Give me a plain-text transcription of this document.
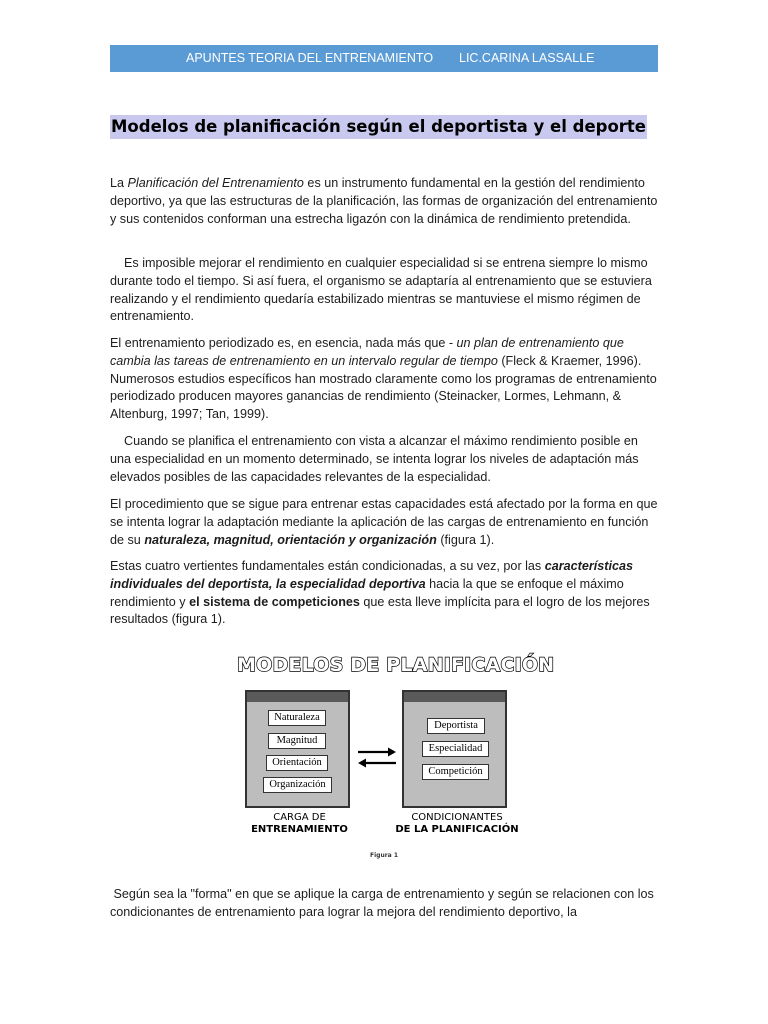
APUNTES TEORIA DEL ENTRENAMIENTO LIC.CARINA LASSALLE
Modelos de planificación según el deportista y el deporte

La Planificación del Entrenamiento es un instrumento fundamental en la gestión del rendimiento deportivo, ya que las estructuras de la planificación, las formas de organización del entrenamiento y sus contenidos conforman una estrecha ligazón con la dinámica de rendimiento pretendida.

Es imposible mejorar el rendimiento en cualquier especialidad si se entrena siempre lo mismo durante todo el tiempo. Si así fuera, el organismo se adaptaría al entrenamiento que se estuviera realizando y el rendimiento quedaría estabilizado mientras se mantuviese el mismo régimen de entrenamiento.

El entrenamiento periodizado es, en esencia, nada más que - un plan de entrenamiento que cambia las tareas de entrenamiento en un intervalo regular de tiempo (Fleck & Kraemer, 1996). Numerosos estudios específicos han mostrado claramente como los programas de entrenamiento periodizado producen mayores ganancias de rendimiento (Steinacker, Lormes, Lehmann, & Altenburg, 1997; Tan, 1999).

Cuando se planifica el entrenamiento con vista a alcanzar el máximo rendimiento posible en una especialidad en un momento determinado, se intenta lograr los niveles de adaptación más elevados posibles de las capacidades relevantes de la especialidad.

El procedimiento que se sigue para entrenar estas capacidades está afectado por la forma en que se intenta lograr la adaptación mediante la aplicación de las cargas de entrenamiento en función de su naturaleza, magnitud, orientación y organización (figura 1).

Estas cuatro vertientes fundamentales están condicionadas, a su vez, por las características individuales del deportista, la especialidad deportiva hacia la que se enfoque el máximo rendimiento y el sistema de competiciones que esta lleve implícita para el logro de los mejores resultados (figura 1).

MODELOS DE PLANIFICACIÓN

Naturaleza
Magnitud
Orientación
Organización
Deportista
Especialidad
Competición

CARGA DE

ENTRENAMIENTO

CONDICIONANTES

DE LA PLANIFICACIÓN

Figura 1

Según sea la "forma" en que se aplique la carga de entrenamiento y según se relacionen con los condicionantes de entrenamiento para lograr la mejora del rendimiento deportivo, la
